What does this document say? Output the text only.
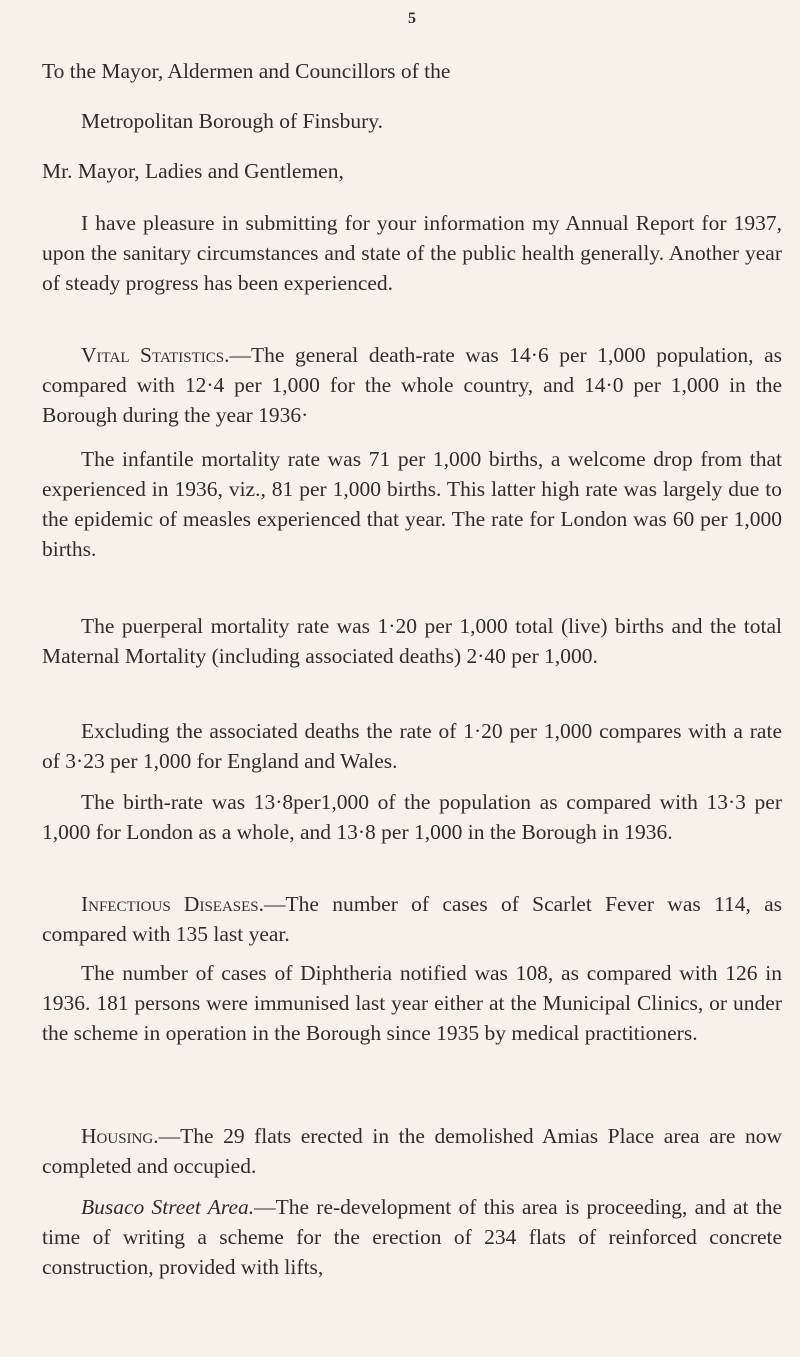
5

To the Mayor, Aldermen and Councillors of the

Metropolitan Borough of Finsbury.

Mr. Mayor, Ladies and Gentlemen,

I have pleasure in submitting for your information my Annual Report for 1937, upon the sanitary circumstances and state of the public health generally. Another year of steady progress has been experienced.

Vital Statistics.—The general death-rate was 14·6 per 1,000 population, as compared with 12·4 per 1,000 for the whole country, and 14·0 per 1,000 in the Borough during the year 1936·

The infantile mortality rate was 71 per 1,000 births, a welcome drop from that experienced in 1936, viz., 81 per 1,000 births. This latter high rate was largely due to the epidemic of measles experienced that year. The rate for London was 60 per 1,000 births.

The puerperal mortality rate was 1·20 per 1,000 total (live) births and the total Maternal Mortality (including associated deaths) 2·40 per 1,000.

Excluding the associated deaths the rate of 1·20 per 1,000 compares with a rate of 3·23 per 1,000 for England and Wales.

The birth-rate was 13·8per1,000 of the population as compared with 13·3 per 1,000 for London as a whole, and 13·8 per 1,000 in the Borough in 1936.

Infectious Diseases.—The number of cases of Scarlet Fever was 114, as compared with 135 last year.

The number of cases of Diphtheria notified was 108, as compared with 126 in 1936. 181 persons were immunised last year either at the Municipal Clinics, or under the scheme in operation in the Borough since 1935 by medical practitioners.

Housing.—The 29 flats erected in the demolished Amias Place area are now completed and occupied.

Busaco Street Area.—The re-development of this area is proceeding, and at the time of writing a scheme for the erection of 234 flats of reinforced concrete construction, provided with lifts,
